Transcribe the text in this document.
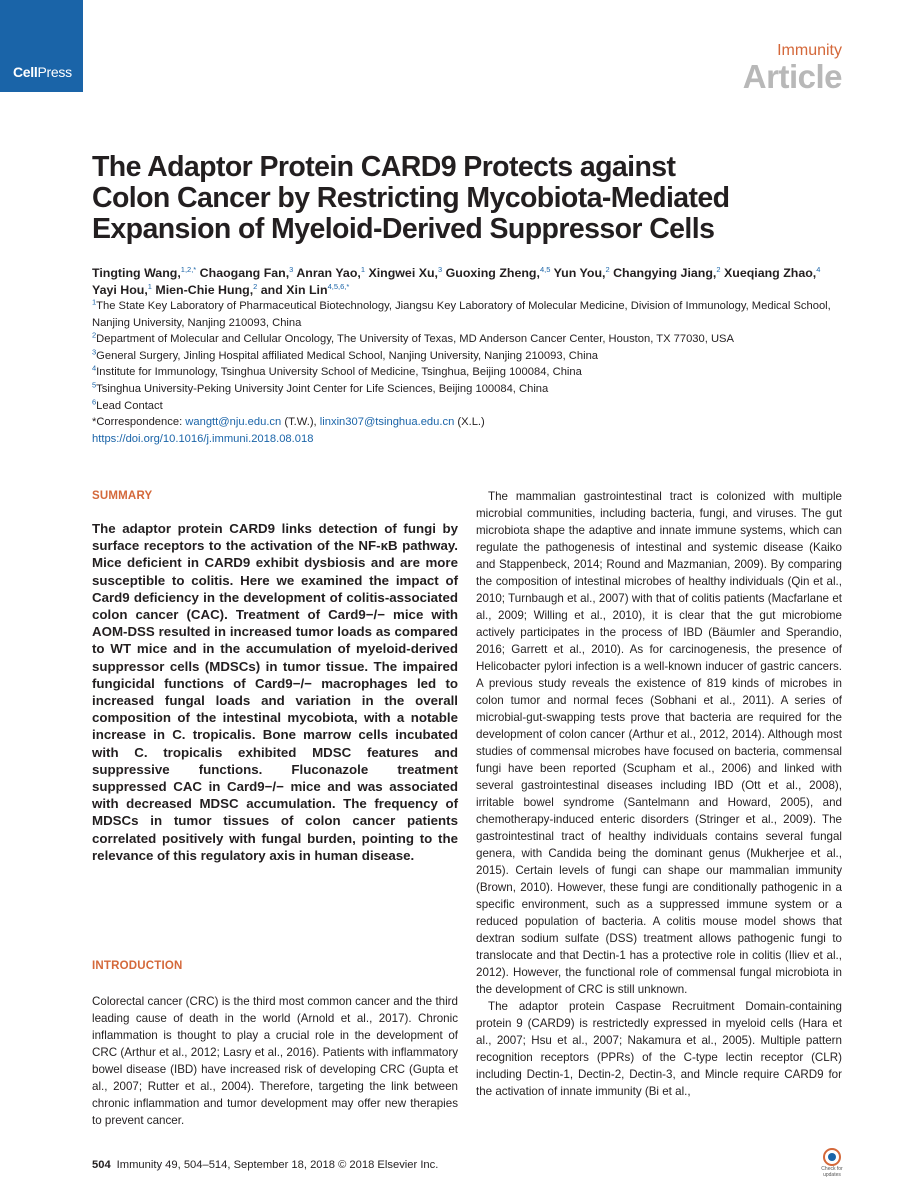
CellPress
Immunity
Article
The Adaptor Protein CARD9 Protects against
Colon Cancer by Restricting Mycobiota-Mediated
Expansion of Myeloid-Derived Suppressor Cells
Tingting Wang,$^{1,2,*}$ Chaogang Fan,$^3$ Anran Yao,$^1$ Xingwei Xu,$^3$ Guoxing Zheng,$^{4,5}$ Yun You,$^2$ Changying Jiang,$^2$ Xueqiang Zhao,$^4$ Yayi Hou,$^1$ Mien-Chie Hung,$^2$ and Xin Lin$^{4,5,6,*}$
$^1$The State Key Laboratory of Pharmaceutical Biotechnology, Jiangsu Key Laboratory of Molecular Medicine, Division of Immunology, Medical School, Nanjing University, Nanjing 210093, China
$^2$Department of Molecular and Cellular Oncology, The University of Texas, MD Anderson Cancer Center, Houston, TX 77030, USA
$^3$General Surgery, Jinling Hospital affiliated Medical School, Nanjing University, Nanjing 210093, China
$^4$Institute for Immunology, Tsinghua University School of Medicine, Tsinghua, Beijing 100084, China
$^5$Tsinghua University-Peking University Joint Center for Life Sciences, Beijing 100084, China
$^6$Lead Contact
*Correspondence: wangtt@nju.edu.cn (T.W.), linxin307@tsinghua.edu.cn (X.L.)
https://doi.org/10.1016/j.immuni.2018.08.018
SUMMARY
The adaptor protein CARD9 links detection of fungi by surface receptors to the activation of the NF-κB pathway. Mice deficient in CARD9 exhibit dysbiosis and are more susceptible to colitis. Here we examined the impact of Card9 deficiency in the development of colitis-associated colon cancer (CAC). Treatment of Card9−/− mice with AOM-DSS resulted in increased tumor loads as compared to WT mice and in the accumulation of myeloid-derived suppressor cells (MDSCs) in tumor tissue. The impaired fungicidal functions of Card9−/− macrophages led to increased fungal loads and variation in the overall composition of the intestinal mycobiota, with a notable increase in C. tropicalis. Bone marrow cells incubated with C. tropicalis exhibited MDSC features and suppressive functions. Fluconazole treatment suppressed CAC in Card9−/− mice and was associated with decreased MDSC accumulation. The frequency of MDSCs in tumor tissues of colon cancer patients correlated positively with fungal burden, pointing to the relevance of this regulatory axis in human disease.
INTRODUCTION

Colorectal cancer (CRC) is the third most common cancer and the third leading cause of death in the world (Arnold et al., 2017). Chronic inflammation is thought to play a crucial role in the development of CRC (Arthur et al., 2012; Lasry et al., 2016). Patients with inflammatory bowel disease (IBD) have increased risk of developing CRC (Gupta et al., 2007; Rutter et al., 2004). Therefore, targeting the link between chronic inflammation and tumor development may offer new therapies to prevent cancer.

The mammalian gastrointestinal tract is colonized with multiple microbial communities, including bacteria, fungi, and viruses. The gut microbiota shape the adaptive and innate immune systems, which can regulate the pathogenesis of intestinal and systemic disease (Kaiko and Stappenbeck, 2014; Round and Mazmanian, 2009). By comparing the composition of intestinal microbes of healthy individuals (Qin et al., 2010; Turnbaugh et al., 2007) with that of colitis patients (Macfarlane et al., 2009; Willing et al., 2010), it is clear that the gut microbiome actively participates in the process of IBD (Bäumler and Sperandio, 2016; Garrett et al., 2010). As for carcinogenesis, the presence of Helicobacter pylori infection is a well-known inducer of gastric cancers. A previous study reveals the existence of 819 kinds of microbes in colon tumor and normal feces (Sobhani et al., 2011). A series of microbial-gut-swapping tests prove that bacteria are required for the development of colon cancer (Arthur et al., 2012, 2014). Although most studies of commensal microbes have focused on bacteria, commensal fungi have been reported (Scupham et al., 2006) and linked with several gastrointestinal diseases including IBD (Ott et al., 2008), irritable bowel syndrome (Santelmann and Howard, 2005), and chemotherapy-induced enteric disorders (Stringer et al., 2009). The gastrointestinal tract of healthy individuals contains several fungal genera, with Candida being the dominant genus (Mukherjee et al., 2015). Certain levels of fungi can shape our mammalian immunity (Brown, 2010). However, these fungi are conditionally pathogenic in a specific environment, such as a suppressed immune system or a reduced population of bacteria. A colitis mouse model shows that dextran sodium sulfate (DSS) treatment allows pathogenic fungi to translocate and that Dectin-1 has a protective role in colitis (Iliev et al., 2012). However, the functional role of commensal fungal microbiota in the development of CRC is still unknown.

The adaptor protein Caspase Recruitment Domain-containing protein 9 (CARD9) is restrictedly expressed in myeloid cells (Hara et al., 2007; Hsu et al., 2007; Nakamura et al., 2005). Multiple pattern recognition receptors (PPRs) of the C-type lectin receptor (CLR) including Dectin-1, Dectin-2, Dectin-3, and Mincle require CARD9 for the activation of innate immunity (Bi et al.,

504 Immunity 49, 504–514, September 18, 2018 © 2018 Elsevier Inc.	Check for updates
